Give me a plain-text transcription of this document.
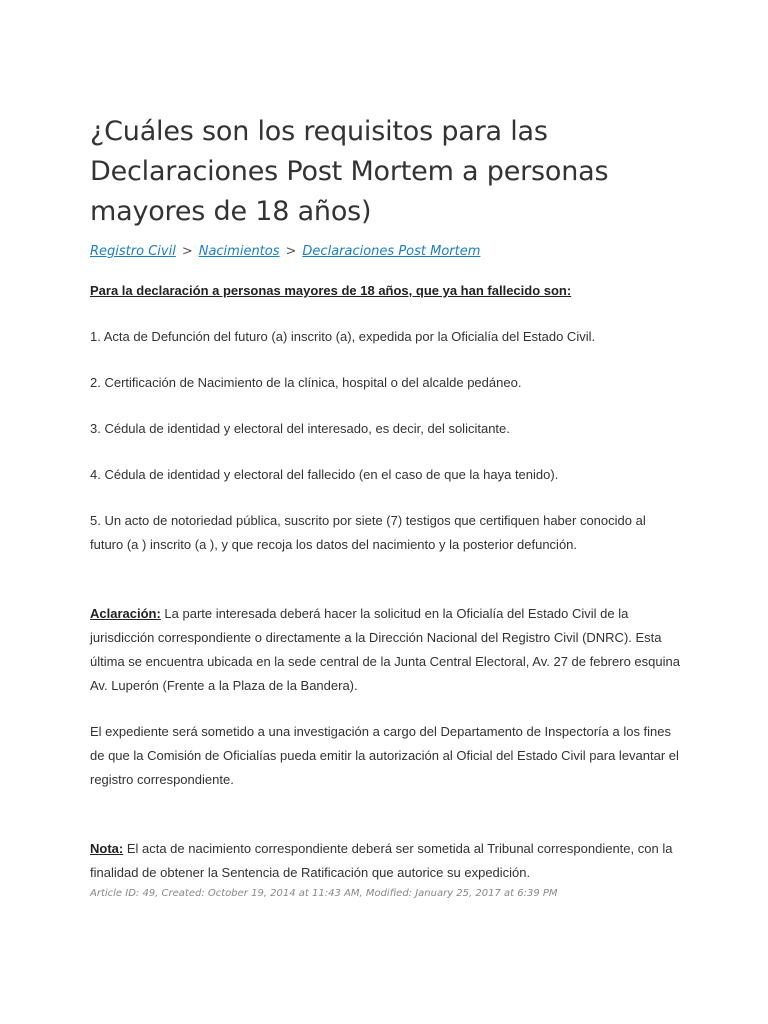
¿Cuáles son los requisitos para las Declaraciones Post Mortem a personas mayores de 18 años)
Registro Civil > Nacimientos > Declaraciones Post Mortem
Para la declaración a personas mayores de 18 años, que ya han fallecido son:
1. Acta de Defunción del futuro (a) inscrito (a), expedida por la Oficialía del Estado Civil.
2. Certificación de Nacimiento de la clínica, hospital o del alcalde pedáneo.
3. Cédula de identidad y electoral del interesado, es decir, del solicitante.
4. Cédula de identidad y electoral del fallecido (en el caso de que la haya tenido).
5. Un acto de notoriedad pública, suscrito por siete (7) testigos que certifiquen haber conocido al futuro (a ) inscrito (a ), y que recoja los datos del nacimiento y la posterior defunción.
Aclaración: La parte interesada deberá hacer la solicitud en la Oficialía del Estado Civil de la jurisdicción correspondiente o directamente a la Dirección Nacional del Registro Civil (DNRC). Esta última se encuentra ubicada en la sede central de la Junta Central Electoral, Av. 27 de febrero esquina Av. Luperón (Frente a la Plaza de la Bandera).
El expediente será sometido a una investigación a cargo del Departamento de Inspectoría a los fines de que la Comisión de Oficialías pueda emitir la autorización al Oficial del Estado Civil para levantar el registro correspondiente.
Nota: El acta de nacimiento correspondiente deberá ser sometida al Tribunal correspondiente, con la finalidad de obtener la Sentencia de Ratificación que autorice su expedición.
Article ID: 49, Created: October 19, 2014 at 11:43 AM, Modified: January 25, 2017 at 6:39 PM
